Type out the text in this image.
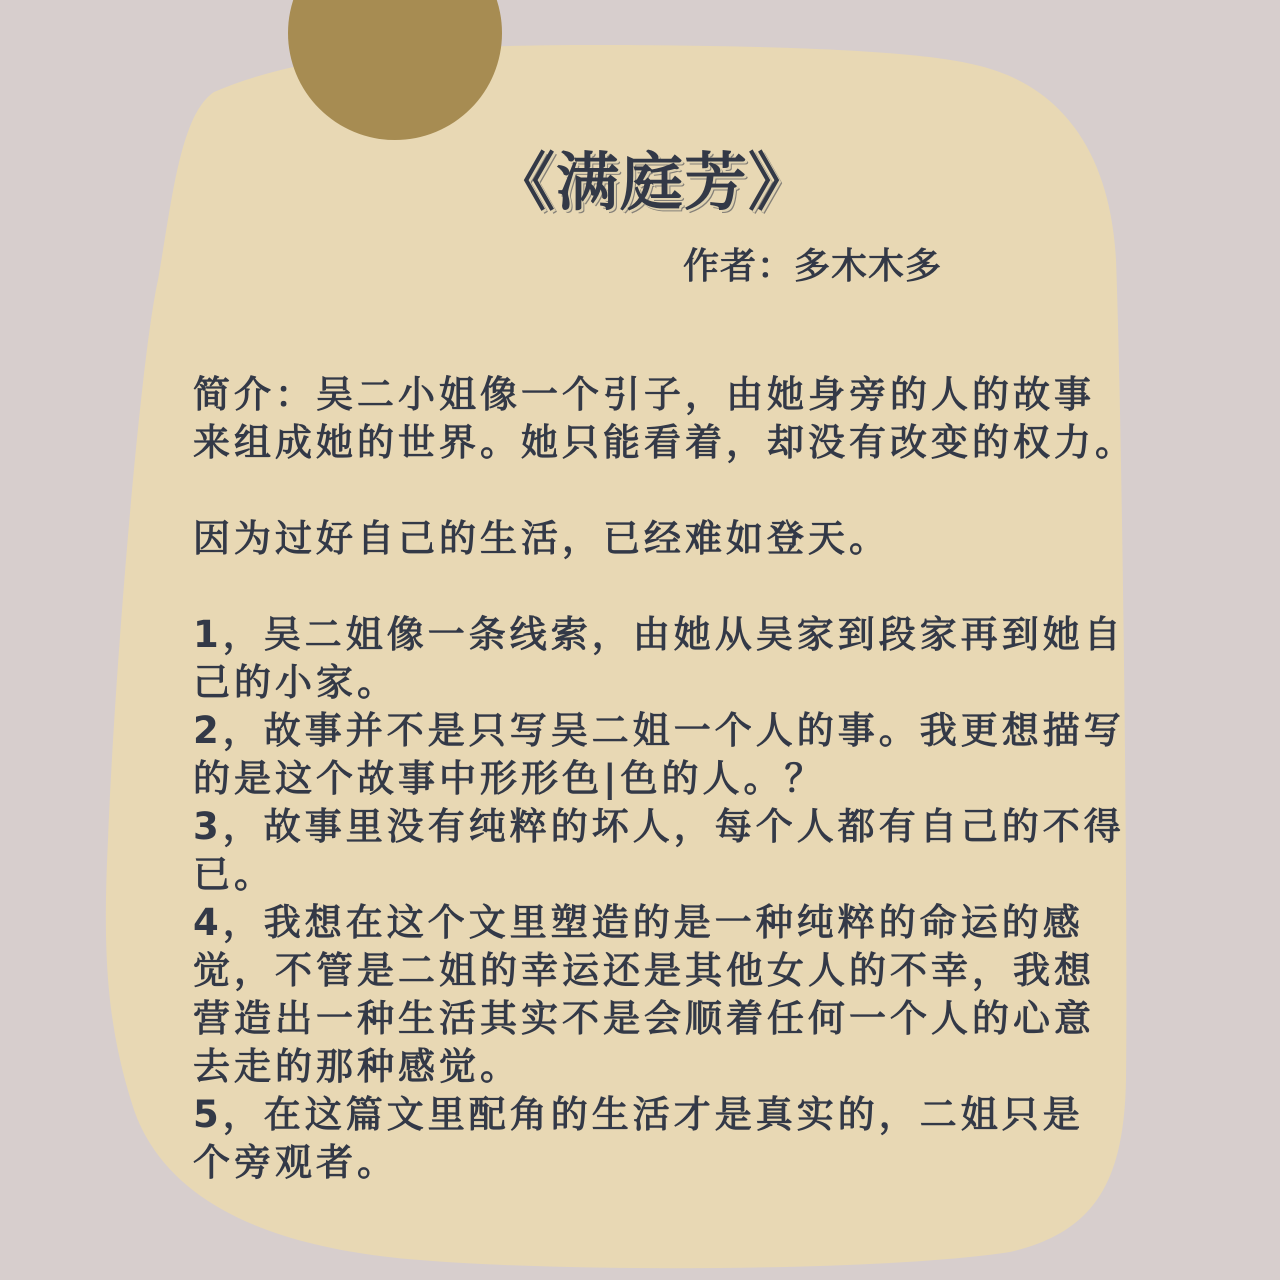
《满庭芳》
作者：多木木多
简介：吴二小姐像一个引子，由她身旁的人的故事
来组成她的世界。她只能看着，却没有改变的权力。

因为过好自己的生活，已经难如登天。

1，吴二姐像一条线索，由她从吴家到段家再到她自
己的小家。
2，故事并不是只写吴二姐一个人的事。我更想描写
的是这个故事中形形色|色的人。？
3，故事里没有纯粹的坏人，每个人都有自己的不得
已。
4，我想在这个文里塑造的是一种纯粹的命运的感
觉，不管是二姐的幸运还是其他女人的不幸，我想
营造出一种生活其实不是会顺着任何一个人的心意
去走的那种感觉。
5，在这篇文里配角的生活才是真实的，二姐只是
个旁观者。
